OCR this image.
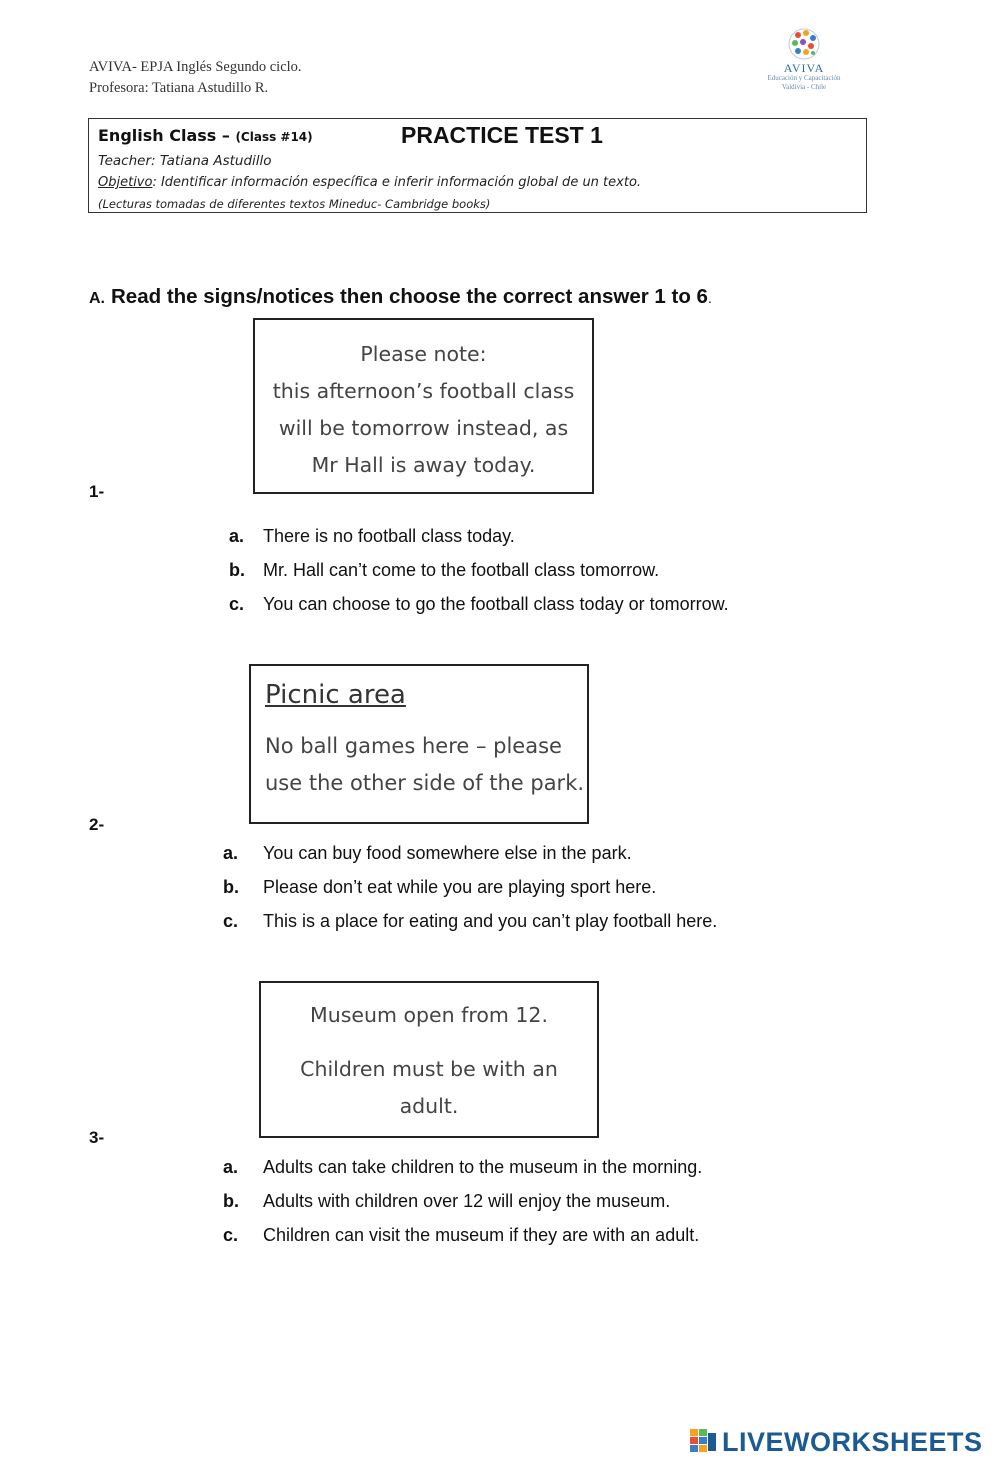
AVIVA- EPJA Inglés Segundo ciclo.
Profesora: Tatiana Astudillo R.
AVIVA
Educación y Capacitación
Valdivia - Chile
English Class – (Class #14)	PRACTICE TEST 1
Teacher: Tatiana Astudillo
Objetivo: Identificar información específica e inferir información global de un texto.
(Lecturas tomadas de diferentes textos Mineduc- Cambridge books)
A. Read the signs/notices then choose the correct answer 1 to 6.
Please note:
this afternoon’s football class
will be tomorrow instead, as
Mr Hall is away today.
1-
a. There is no football class today.
b. Mr. Hall can’t come to the football class tomorrow.
c. You can choose to go the football class today or tomorrow.
Picnic area
No ball games here – please
use the other side of the park.
2-
a. You can buy food somewhere else in the park.
b. Please don’t eat while you are playing sport here.
c. This is a place for eating and you can’t play football here.
Museum open from 12.
Children must be with an
adult.
3-
a. Adults can take children to the museum in the morning.
b. Adults with children over 12 will enjoy the museum.
c. Children can visit the museum if they are with an adult.
LIVEWORKSHEETS
